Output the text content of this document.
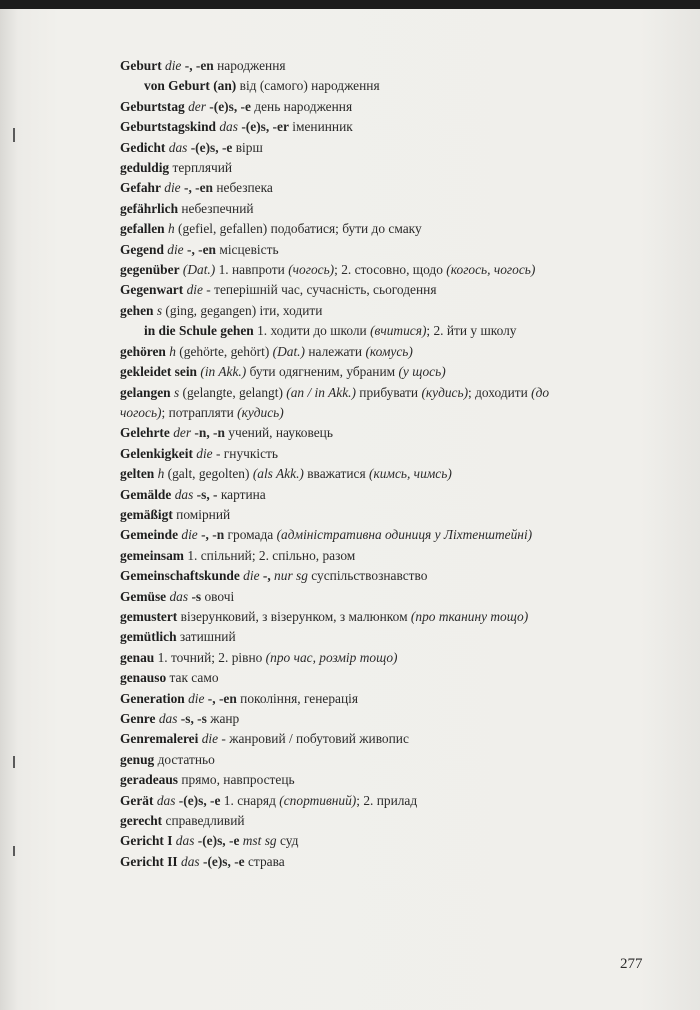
Geburt die -, -en народження

von Geburt (an) від (самого) народження

Geburtstag der -(e)s, -e день народження

Geburtstagskind das -(e)s, -er іменинник

Gedicht das -(e)s, -e вірш

geduldig терплячий

Gefahr die -, -en небезпека

gefährlich небезпечний

gefallen h (gefiel, gefallen) подобатися; бути до смаку

Gegend die -, -en місцевість

gegenüber (Dat.) 1. навпроти (чогось); 2. стосовно, щодо (когось, чогось)

Gegenwart die - теперішній час, сучасність, сьогодення

gehen s (ging, gegangen) іти, ходити

in die Schule gehen 1. ходити до школи (вчитися); 2. йти у школу

gehören h (gehörte, gehört) (Dat.) належати (комусь)

gekleidet sein (in Akk.) бути одягненим, убраним (у щось)

gelangen s (gelangte, gelangt) (an / in Akk.) прибувати (кудись); доходити (до чогось); потрапляти (кудись)

Gelehrte der -n, -n учений, науковець

Gelenkigkeit die - гнучкість

gelten h (galt, gegolten) (als Akk.) вважатися (кимсь, чимсь)

Gemälde das -s, - картина

gemäßigt помірний

Gemeinde die -, -n громада (адміністративна одиниця у Ліхтенштейні)

gemeinsam 1. спільний; 2. спільно, разом

Gemeinschaftskunde die -, nur sg суспільствознавство

Gemüse das -s овочі

gemustert візерунковий, з візерунком, з малюнком (про тканину тощо)

gemütlich затишний

genau 1. точний; 2. рівно (про час, розмір тощо)

genauso так само

Generation die -, -en покоління, генерація

Genre das -s, -s жанр

Genremalerei die - жанровий / побутовий живопис

genug достатньо

geradeaus прямо, навпростець

Gerät das -(e)s, -e 1. снаряд (спортивний); 2. прилад

gerecht справедливий

Gericht I das -(e)s, -e mst sg суд

Gericht II das -(e)s, -e страва

277
